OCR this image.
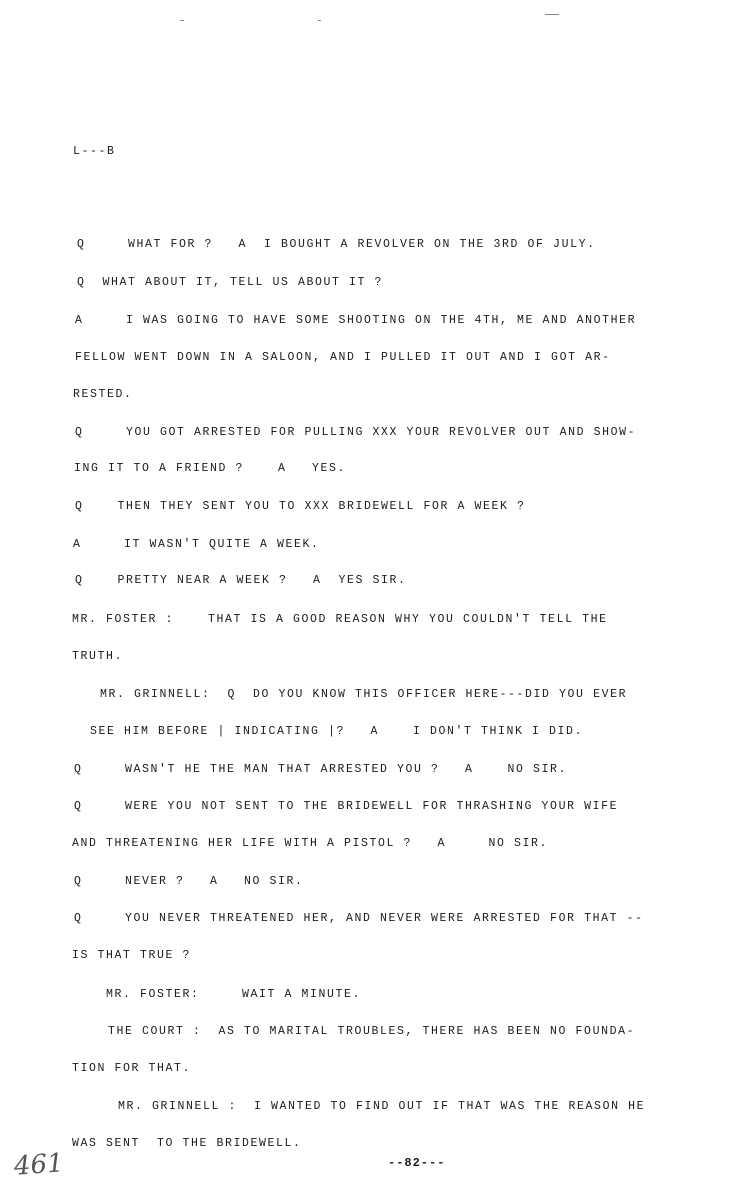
L---B
Q     WHAT FOR ?   A  I BOUGHT A REVOLVER ON THE 3RD OF JULY.
Q  WHAT ABOUT IT, TELL US ABOUT IT ?
A     I WAS GOING TO HAVE SOME SHOOTING ON THE 4TH, ME AND ANOTHER
FELLOW WENT DOWN IN A SALOON, AND I PULLED IT OUT AND I GOT AR-
RESTED.
Q     YOU GOT ARRESTED FOR PULLING XXX YOUR REVOLVER OUT AND SHOW-
ING IT TO A FRIEND ?    A   YES.
Q    THEN THEY SENT YOU TO XXX BRIDEWELL FOR A WEEK ?
A     IT WASN'T QUITE A WEEK.
Q    PRETTY NEAR A WEEK ?   A  YES SIR.
MR. FOSTER :    THAT IS A GOOD REASON WHY YOU COULDN'T TELL THE
TRUTH.
MR. GRINNELL:  Q  DO YOU KNOW THIS OFFICER HERE---DID YOU EVER
SEE HIM BEFORE | INDICATING |?   A    I DON'T THINK I DID.
Q     WASN'T HE THE MAN THAT ARRESTED YOU ?   A    NO SIR.
Q     WERE YOU NOT SENT TO THE BRIDEWELL FOR THRASHING YOUR WIFE
AND THREATENING HER LIFE WITH A PISTOL ?   A     NO SIR.
Q     NEVER ?   A   NO SIR.
Q     YOU NEVER THREATENED HER, AND NEVER WERE ARRESTED FOR THAT --
IS THAT TRUE ?
MR. FOSTER:     WAIT A MINUTE.
THE COURT :  AS TO MARITAL TROUBLES, THERE HAS BEEN NO FOUNDA-
TION FOR THAT.
MR. GRINNELL :  I WANTED TO FIND OUT IF THAT WAS THE REASON HE
WAS SENT  TO THE BRIDEWELL.
461	--82---
